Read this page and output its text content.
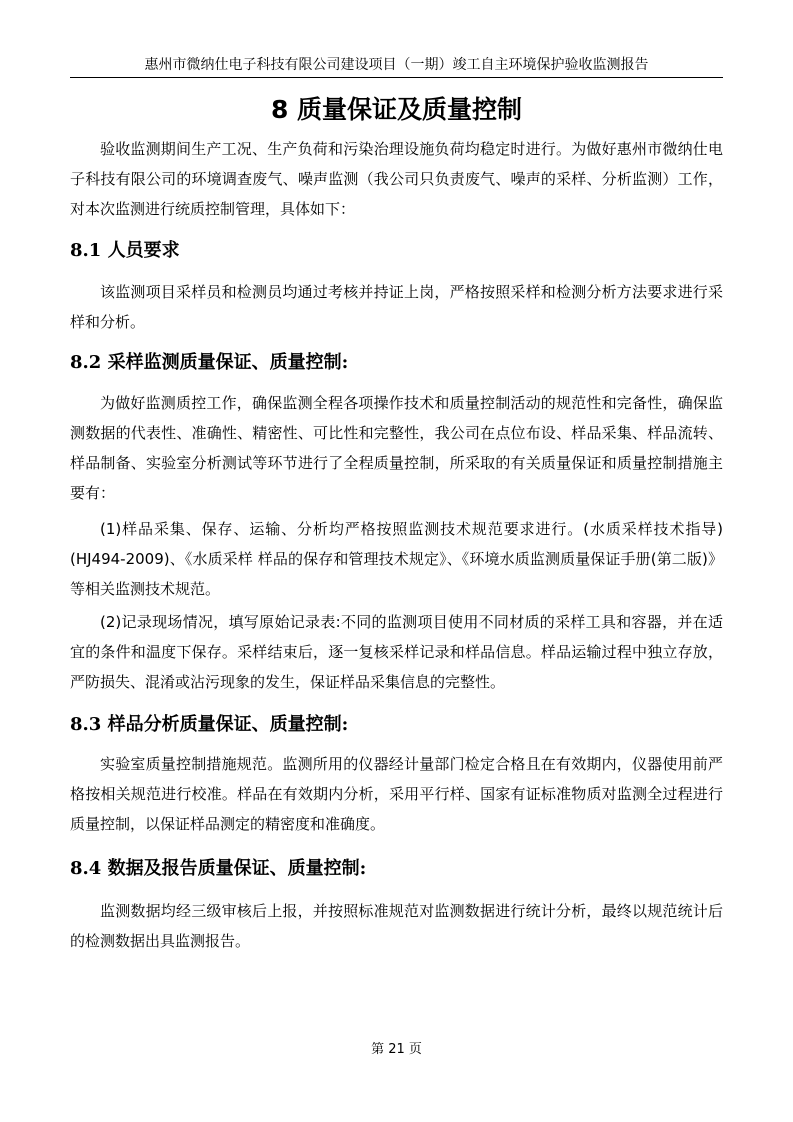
惠州市微纳仕电子科技有限公司建设项目（一期）竣工自主环境保护验收监测报告
8 质量保证及质量控制

验收监测期间生产工况、生产负荷和污染治理设施负荷均稳定时进行。为做好惠州市微纳仕电子科技有限公司的环境调查废气、噪声监测（我公司只负责废气、噪声的采样、分析监测）工作，对本次监测进行统质控制管理，具体如下：

8.1 人员要求

该监测项目采样员和检测员均通过考核并持证上岗，严格按照采样和检测分析方法要求进行采样和分析。

8.2 采样监测质量保证、质量控制:

为做好监测质控工作，确保监测全程各项操作技术和质量控制活动的规范性和完备性，确保监测数据的代表性、准确性、精密性、可比性和完整性，我公司在点位布设、样品采集、样品流转、样品制备、实验室分析测试等环节进行了全程质量控制，所采取的有关质量保证和质量控制措施主要有：

(1)样品采集、保存、运输、分析均严格按照监测技术规范要求进行。(水质采样技术指导)(HJ494-2009)、《水质采样 样品的保存和管理技术规定》、《环境水质监测质量保证手册(第二版)》等相关监测技术规范。

(2)记录现场情况，填写原始记录表:不同的监测项目使用不同材质的采样工具和容器，并在适宜的条件和温度下保存。采样结束后，逐一复核采样记录和样品信息。样品运输过程中独立存放，严防损失、混淆或沾污现象的发生，保证样品采集信息的完整性。

8.3 样品分析质量保证、质量控制:

实验室质量控制措施规范。监测所用的仪器经计量部门检定合格且在有效期内，仪器使用前严格按相关规范进行校准。样品在有效期内分析，采用平行样、国家有证标准物质对监测全过程进行质量控制，以保证样品测定的精密度和准确度。

8.4 数据及报告质量保证、质量控制:

监测数据均经三级审核后上报，并按照标准规范对监测数据进行统计分析，最终以规范统计后的检测数据出具监测报告。

第 21 页
